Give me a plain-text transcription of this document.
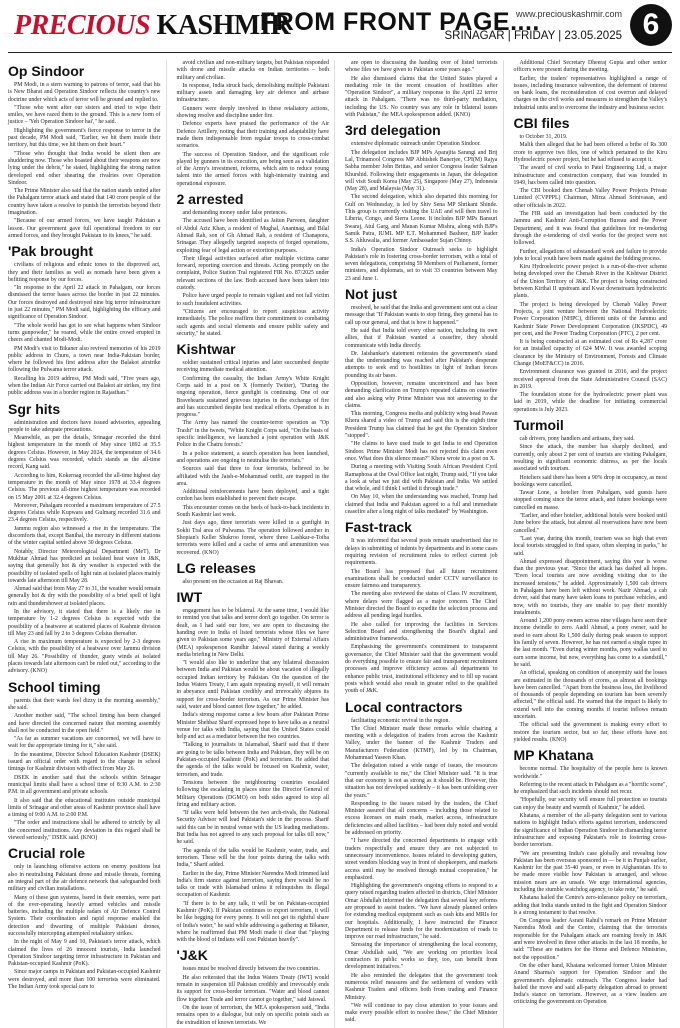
PRECIOUS KASHMIR
FROM FRONT PAGE....
www.preciouskashmir.com
SRINAGAR | FRIDAY | 23.05.2025 6
Op Sindoor

PM Modi, in a stern warning to patrons of terror, said that his is New Bharat and Operation Sindoor reflects the country's new doctrine under which acts of terror will be ground and replied to.

"Those who went after our sisters and tried to wipe their smiles, we have razed them to the ground. This is a new form of justice – 'Yeh Operation Sindoor hai'," he said.

Highlighting the government's fierce response to terror in the past decade, PM Modi said, "Earlier, we hit them inside their territory, but this time, we hit them on their heart."

"Those who thought that India would be silent then are shuddering now. Those who boasted about their weapons are now lying under the debris," he stated, highlighting the strong nation developed end other shearing the rivalries over Operation Sindoor.

The Prime Minister also said that the nation stands united after the Pahalgam terror attack and stated that 140 crore people of the country have taken a resolve to punish the terrorists beyond their imagination.

"Because of our armed forces, we have taught Pakistan a lesson. Our government gave full operational freedom to our armed forces, and they brought Pakistan to its knees," he said.

'Pak brought

civilians of religious and ethnic tones to the disproved act, they and their families as well as nomads have been given a befitting response by our forces.

"In response to the April 22 attack in Pahalgam, our forces dismissed the terror bases across the border in just 22 minutes. Our forces destroyed and destroyed nine big terror infrastructure in just 22 minutes," PM Modi said, highlighting the efficacy and significance of Operation Sindoor.

"The whole world has got to see what happens when Sindoor turns gunpowder," he roared, while the entire crowd erupted in cheers and chanted Modi-Modi.

PM Modi's visit to Bikaner also revived memories of his 2019 public address in Churu, a town near India-Pakistan border, where he followed his first address after the Balakot airstrike following the Pulwama terror attack.

Recalling his 2019 address, PM Modi said, "Five years ago, when the Indian Air Force carried out Balakot air strikes, my first public address was in a border region in Rajasthan."

Sgr hits

administration and doctors have issued advisories, appealing people to take adequate precautions.

Meanwhile, as per the details, Srinagar recorded the third highest temperature in the month of May since 1892 at 35.5 degrees Celsius. However, in May 2024, the temperature of 34.6 degrees Celsius was recorded, which stands as the all-time record, Kang said.

According to him, Kokernag recorded the all-time highest day temperature in the month of May since 1978 at 33.4 degrees Celsius. The previous all-time highest temperature was recorded on 15 May 2001 at 32.4 degrees Celsius.

Moreover, Pahalgam recorded a maximum temperature of 27.5 degrees Celsius while Kupwara and Gulmarg recorded 31.6 and 23.4 degrees Celsius, respectively.

Jammu region also witnessed a rise in the temperature. The discomforts that, except Banihal, the mercury in different stations of the winter capital settled above 30 degrees Celsius.

Notably, Director Meteorological Department (MeT), Dr Mukhtar Ahmad has predicted an isolated heat wave in J&K, saying that generally hot & dry weather is expected with the possibility of isolated spells of light rain at isolated places mainly towards late afternoon till May 28.

Ahmad said that from May 27 to 31, the weather would remain generally hot & dry with the possibility of a brief spell of light rain and thundershower at isolated places.

In the advisory, it stated that there is a likely rise in temperature by 1-2 degrees Celsius is expected with the possibility of a heatwave at scattered places of Kashmir division till May 23 and fall by 2 to 3 degrees Celsius thereafter.

A rise in maximum temperature is expected by 2-3 degrees Celsius, with the possibility of a heatwave over Jammu division till May 26. "Possibility of thunder, gusty winds at isolated places towards late afternoon can't be ruled out," according to the advisory. (KNO)

School timing

parents that their wards feel dizzy in the morning assembly," she said.

Another mother said, "The school timing has been changed and have directed the concerned nature that morning assembly shall not be conducted in the open field."

"As far as summer vacations are concerned, we will have to wait for the appropriate timing for it," she said.

In the meantime, Director School Education Kashmir (DSEK) issued an official order with regard to the change in school timings for Kashmir division with effect from May 26.

DSEK in another said that the schools within Srinagar municipal limits shall have a school time of 8:30 A.M. to 2:30 P.M. in all government and private schools.

It also said that the educational institutes outside municipal limits of Srinagar and other areas of Kashmir province shall have a timing of 9:00 A.M. to 2:00 P.M.

"The order and instructions shall be adhered to strictly by all the concerned institutions. Any deviation in this regard shall be viewed seriously," DSEK said. (KNO)

Crucial role

only in launching offensive actions on enemy positions but also in neutralising Pakistani drone and missile threats, forming an integral part of the air defence network that safeguarded both military and civilian installations.

Many of these gun systems, bared in their enemies, were part of the ever-operating heavily armed vehicles and missile batteries, including the multiple radars of Air Defence Control System. Their coordination and rapid response enabled the detection and thwarting of multiple Pakistani drones, successfully intercepting attempted retaliatory strikes.

In the night of May 9 and 10, Pakistan's terror attack, which claimed the lives of 26 innocent tourists, India launched Operation Sindoor targeting terror infrastructure in Pakistan and Pakistan-occupied Kashmir (PoK).

Since major camps in Pakistan and Pakistan-occupied Kashmir were destroyed, and more than 100 terrorists were eliminated. The Indian Army took special care to

avoid civilian and non-military targets, but Pakistan responded with drone and missile attacks on Indian territories – both military and civilian.

In response, India struck back, demolishing multiple Pakistani military assets and damaging key air defence and airbase infrastructure.

Gunners were deeply involved in these retaliatory actions, showing resolve and discipline under fire.

Defence experts have praised the performance of the Air Defence Artillery, noting that their training and adaptability have made them indispensable from regular troops to cross-combat scenarios.

The success of Operation Sindoor, and the significant role played by gunners in its execution, are being seen as a validation of the Army's investment, reforms, which aim to reduce young talent into the armed forces with high-intensity training and operational exposure.

2 arrested

and demanding money under false pretences.

The accused have been identified as Jaitun Parveen, daughter of Abdul Aziz Khan, a resident of Mughal, Anantnag, and Bilal Ahmad Rah, son of Gh Ahmad Rah, a resident of Chanapora, Srinagar. They allegedly targeted suspects of forged operations, exploiting fear of legal action or extortion purposes.

Their illegal activities surfaced after multiple victims came forward, reporting coercion and threats. Acting promptly on the complaint, Police Station Tral registered FIR No. 87/2025 under relevant sections of the law. Both accused have been taken into custody.

Police have urged people to remain vigilant and not fall victim to such fraudulent activities.

"Citizens are encouraged to report suspicious activity immediately. The police reaffirm their commitment to combating such agents and social elements and ensure public safety and security," he stated.

Kishtwar

soldier sustained critical injuries and later succumbed despite receiving immediate medical attention.

Confirming the casualty, the Indian Army's White Knight Corps said in a post on X (formerly Twitter), "During the ongoing operation, fierce gunfight is continuing. One of our Bravehearts sustained grievous injuries in the exchange of fire and has succumbed despite best medical efforts. Operation is in progress."

The Army has named the counter-terror operation as "Op Trashi" in the tweets, "White Knight Corps said, "On the basis of specific intelligence, we launched a joint operation with J&K Police in the Chatru forests."

In a police statement, a search operation has been launched, and operations are ongoing to neutralise the terrorists."

Sources said that three to four terrorists, believed to be affiliated with the Jaish-e-Mohammad outfit, are trapped in the area.

Additional reinforcements have been deployed, and a tight cordon has been established to prevent their escape.

This encounter comes on the heels of back-to-back incidents in South Kashmir last week.

Just days ago, three terrorists were killed in a gunfight in Sokhi Tral area of Pulwama. The operation followed another in Shopian's Keller Shukroo forest, where three Lashkar-e-Toiba terrorists were killed and a cache of arms and ammunition was recovered. (KNO)

LG releases

also present on the occasion at Raj Bhavan.

IWT

engagement has to be bilateral. At the same time, I would like to remind you that talks and terror don't go together. On terror is dealt, as I had said our fore, we are open to discussing the handing over to India of listed terrorists whose files we have given to Pakistan some years ago," Ministry of External Affairs (MEA) spokesperson Randhir Jaiswal stated during a weekly media briefing in New Delhi.

"I would also like to underline that any bilateral discussion between India and Pakistan would be about vacation of illegally occupied Indian territory by Pakistan. On the question of the Indus Waters Treaty, I am again repeating myself, it will remain in abeyance until Pakistan credibly and irrevocably abjures its support for cross-border terrorism. As our Prime Minister has said, water and blood cannot flow together," he added.

India's strong response came a few hours after Pakistan Prime Minister Shehbaz Sharif expressed hope to have talks as a neutral venue for talks with India, saying that the United States could help and act as a mediator between the two countries.

"Talking to journalists in Islamabad, Sharif said that if there are going to be talks between India and Pakistan, they will be on Pakistan-occupied Kashmir (PoK) and terrorism. He added that the agenda of the talks would be focused on Kashmir, water, terrorism, and trade.

Tensions between the neighbouring countries escalated following the escalating in places since the Director General of Military Operations (DGMO) on both sides agreed to stop all firing and military action.

"If talks were held between the two arch-rivals, the National Security Advisor will lead Pakistan's side in the process. Sharif said this can be in neutral venue with the US leading mediations. But India has not agreed to any such proposal for talks till now," he said.

The agenda of the talks would be Kashmir, water, trade, and terrorism. These will be the four points during the talks with India," Sharif added.

Earlier in the day, Prime Minister Narendra Modi trimmed laid India's firm stance against terrorism, saying there would be no talks or trade with Islamabad unless it relinquishes its illegal occupation of Kashmir.

"If there is to be any talk, it will be on Pakistan-occupied Kashmir (PoK). If Pakistan continues to export terrorism, it will be like begging for every penny. It will not get its rightful share of India's water," he said while addressing a gathering at Bikaner, where he reaffirmed that PM Modi made it clear that "playing with the blood of Indians will cost Pakistan heavily".

'J&K

issues must be resolved directly between the two countries.

He also reiterated that the Indus Waters Treaty (IWT) would remain in suspension till Pakistan credibly and irrevocably ends its support for cross-border terrorism. "Water and blood cannot flow together. Trade and terror cannot go together," said Jaiswal.

On the issue of terrorism, the MEA spokesperson said, "India remains open to a dialogue, but only on specific points such as the extradition of known terrorists. We

are open to discussing the handing over of listed terrorists whose files we have given to Pakistan some years ago."

He also dismissed claims that the United States played a mediating role in the recent cessation of hostilities after "Operation Sindoor", a military response to the April 22 terror attack in Pahalgam. "There was no third-party mediation, including the US. No country was any role in bilateral issues with Pakistan," the MEA spokesperson added. (KNO)

3rd delegation

extensive diplomatic outreach under Operation Sindoor.

The delegation includes BJP MPs Aparajita Sarangi and Brij Lal, Trinamool Congress MP Abhishek Banerjee, CPI(M) Rajya Sabha member John Brittas, and senior Congress leader Salman Khurshid. Following their engagements in Japan, the delegation will visit South Korea (May 25), Singapore (May 27), Indonesia (May 28), and Malaysia (May 31).

The second delegation, which also departed this morning for Gulf on Wednesday, is led by Shiv Sena MP Shrikant Shinde. This group is currently visiting the UAE and will then travel to Liberia, Congo, and Sierra Leone. It includes BJP MPs Bansuri Swaraj, Atul Garg, and Manan Kumar Mishra, along with BJP's Samik Patra, IUML MP E.T. Mohammed Basheer, BJP leader S.S. Ahluwalia, and former Ambassador Sujan Chinoy.

India's Operation Sindoor Outreach seeks to highlight Pakistan's role in fostering cross-border terrorism, with a total of seven delegations, comprising 59 Members of Parliament, former ministers, and diplomats, set to visit 33 countries between May 23 and June 1.

Not just

resolved, he said that the India and government sent out a clear message that "If Pakistan wants to stop firing, they general has to call up our general, and that is how it happened."

He said that India told every other nation, including its own allies, that if Pakistan wanted a ceasefire, they should communicate with India directly.

Dr. Jaishankar's statement reiterates the government's stand that the understanding was reached after Pakistan's desperate attempts to seek end to hostilities in light of Indian forces pounding its air bases.

Opposition, however, remains unconvinced and has been demanding clarification on Trump's repeated claims on ceasefire and also asking why Prime Minister was not answering to the claims.

This morning, Congress media and publicity wing head Pawan Khera shared a video of Trump and said this is the eighth time President Trump has claimed that he got the Operation Sindoor "stopped".

"He claims to have used trade to get India to end Operation Sindoor. Prime Minister Modi has not rejected this claim even once. What does this silence mean?" Khera wrote in a post on X.

During a meeting with Visiting South African President Cyril Ramaphosa at the Oval Office last night, Trump said, "If you take a look at what we just did with Pakistan and India. We settled that whole, and I think I settled it through trade."

On May 10, when the understanding was reached, Trump had claimed that India and Pakistan agreed to a full and immediate ceasefire after a long night of talks mediated" by Washington.

Fast-track

It was informed that several posts remain unadvertised due to delays in submitting of indents by departments and in some cases requiring revision of recruitment rules to reflect current job requirements.

The Board has proposed that all future recruitment examinations shall be conducted under CCTV surveillance to ensure fairness and transparency.

The meeting also reviewed the status of Class IV recruitment, where delays were flagged as a major concern. The Chief Minister directed the Board to expedite the selection process and address all pending legal hurdles.

He also called for improving the facilities in Services Selection Board and strengthening the Board's digital and administrative frameworks.

Emphasising the government's commitment to transparent governance, the Chief Minister said that the government would do everything possible to ensure fair and transparent recruitment processes and improve efficiency across all departments to enhance public trust, institutional efficiency and to fill up vacant posts which would also result in greater relief to the qualified youth of J&K.

Local contractors

facilitating economic revival in the region.

The Chief Minister made these remarks while chairing a meeting with a delegation of traders from across the Kashmir Valley, under the banner of the Kashmir Traders and Manufacturers Federation (KTMF), led by its Chairman, Mohammad Yaseen Khan.

The delegation raised a wide range of issues, the resources "currently available to me," the Chief Minister said. "It is true that our economy is not as strong as it should be. However, this situation has not developed suddenly – it has been unfolding over the years."

Responding to the issues raised by the traders, the Chief Minister assured that all concerns – including those related to excess licenses on main roads, market access, infrastructure deficiencies and allied facilities – had been duly noted and would be addressed on priority.

"I have directed the concerned departments to engage with traders respectfully and ensure they are not subjected to unnecessary inconvenience. Issues related to developing gutters, street vendors blocking way in front of shopkeepers, and markets access until may be resolved through mutual cooperation," he emphasized.

Highlighting the government's ongoing efforts to respond to a query raised regarding traders affected in districts, Chief Minister Omar Abdullah informed the delegation that several key reforms are proposed to assist traders. "We have already planned orders for extending medical equipment such as cash kits and MRIs for our hospitals. Additionally, I have instructed the Finance Department to release funds for the modernization of roads to improve our road infrastructure," he said.

Stressing the importance of strengthening the local economy, Omar Abdullah said, "We are working on priorities local contractors in public works so they, too, can benefit from development initiatives."

He also reminded the delegates that the government took numerous relief measures and the settlement of vendors with Kashmir Traders and officers both from trading and Finance Ministry.

"We will continue to pay close attention to your issues and make every possible effort to resolve these," the Chief Minister said.

Additional Chief Secretary Dheeraj Gupta and other senior officers were present during the meeting.

Earlier, the traders' representatives highlighted a range of issues, including insurance subvention, the deferment of interest on bank loans, the reconsideration of cost overrun and delayed charges on the civil works and measures to strengthen the Valley's industrial units and to overcome the industry and business sector.

CBI files

to October 31, 2019.

Malik then alleged that he had been offered a bribe of Rs 300 crore to approve two files, one of which pertained to the Kiru Hydroelectric power project, but he had refused to accept it.

The award of civil works to Patel Engineering Ltd, a major infrastructure and construction company, that was founded in 1949, has been called into question.

The CBI booked then Chenab Valley Power Projects Private Limited (CVPPPL) Chairman, Mirza Ahmad Srinivasan, and other officials in 2022.

The FIR said an investigation had been conducted by the Jammu and Kashmir Anti-Corruption Bureau and the Power Department, and it was found that guidelines for re-tendering through the e-tendering of civil works for the project were not followed.

Further, allegations of substandard work and failure to provide jobs to local youth have been made against the bidding process.

Kiru Hydroelectric power project is a run-of-the-river scheme being developed over the Chenab River in the Kishtwar District of the Union Territory of J&K. The project is being constructed between Kirthai II upstream and Kwar downstream hydroelectric plants.

The project is being developed by Chenab Valley Power Projects, a joint venture between the National Hydroelectric Power Corporation (NHPC), different units of the Jammu and Kashmir State Power Development Corporation (JKSPDC), 49 per cent, and the Power Trading Corporation (PTC), 2 per cent.

It is being constructed at an estimated cost of Rs 4,287 crore for an installed capacity of 624 MW. It was awarded scoping clearance by the Ministry of Environment, Forests and Climate Change (MoEF&CC) in 2016.

Environment clearance was granted in 2016, and the project received approval from the State Administrative Council (SAC) in 2019.

The foundation stone for the hydroelectric power plant was laid in 2019, while the deadline for initiating commercial operations is July 2023.

Turmoil

cab drivers, pony handlers and artisans, they said.

Since the attack, the number has sharply declined, and currently, only about 2 per cent of tourists are visiting Pahalgam, resulting in significant economic distress, as per the locals associated with tourism.

Hoteliers said there has been a 90% drop in occupancy, as most bookings were cancelled.

Tawar Lone, a hotelier from Pahalgam, said guests have stopped coming since the terror attack, and future bookings were cancelled en masse.

"Earlier, and other hotelier, additional hotels were booked until June before the attack, but almost all reservations have now been cancelled."

"Last year, during this month, tourism was so high that even local tourists struggled to find space, often sleeping in parks," he said.

Ahmad expressed disappointment, saying this year is worse than the previous year. "Since the attack has dashed all hopes. "Even local tourists are now avoiding visiting due to the increased tensions," he added. Approximately 1,500 cab drivers in Pahalgam have been left without work. Nazir Ahmad, a cab driver, said that many have taken loans to purchase vehicles, and now, with no tourists, they are unable to pay their monthly instalments.

Around 1,200 pony owners across nine villages have seen their income dwindle to zero. Aadil Ahmad, a pony owner, said he used to earn about Rs 1,500 daily during peak season to support his family of seven. However, he has not earned a single rupee in the last month. "Even during winter months, pony wallas used to earn some income, but now, everything has come to a standstill," he said.

An official, speaking on condition of anonymity said the losses are estimated in the thousands of crores, as almost all bookings have been cancelled. "Apart from the business loss, the livelihood of thousands of people depending on tourism has been severely affected," the official said. He warned that the impact is likely to extend well into the coming months if tourist inflows remain uncertain.

The official said the government is making every effort to restore the tourism sector, but so far, these efforts have not yielded results. (KNO)

MP Khatana

become normal. The hospitality of the people here is known worldwide."

Referring to the recent attack in Pahalgam as a "horrific scene", he emphasized that such incidents should not recur.

"Hopefully, our security will ensure full protection so tourists can enjoy the beauty and warmth of Kashmir," he added.

Khatana, a member of the all-party delegation sent to various nations to highlight India's efforts against terrorism, underscored the significance of Indian Operation Sindoor in dismantling terror infrastructure and exposing Pakistan's role in fostering cross-border terrorism.

"We are presenting India's case globally and revealing how Pakistan has been overseas sponsored in — be it in Punjab earlier, Kashmir for the past 35-40 years, or even in Afghanistan. It's to be made more visible how Pakistan is arranged, and whose mission nears are an unsafe. We urge international agencies, including the stumble watchdog agency, to take note," he said.

Khatana hailed the Centre's zero-tolerance policy on terrorism, adding that India stands united in the fight and Operation Sindoor is a strong testament to that resolve.

On Congress leader Asrani Rahul's remark on Prime Minister Narendra Modi and the Centre, claiming that the terrorists responsible for the Pahalgam attack are roaming freely in J&K and were involved in three other attacks in the last 18 months, he said: "These are matters for the Home and Defence Ministries, not the opposition."

On the other hand, Khatana welcomed former Union Minister Anand Sharma's support for Operation Sindoor and the government's diplomatic outreach. The Congress leader had hailed the move and said all-party delegation abroad to present India's stance on terrorism. However, as a view leaders are criticizing the government on Operation
